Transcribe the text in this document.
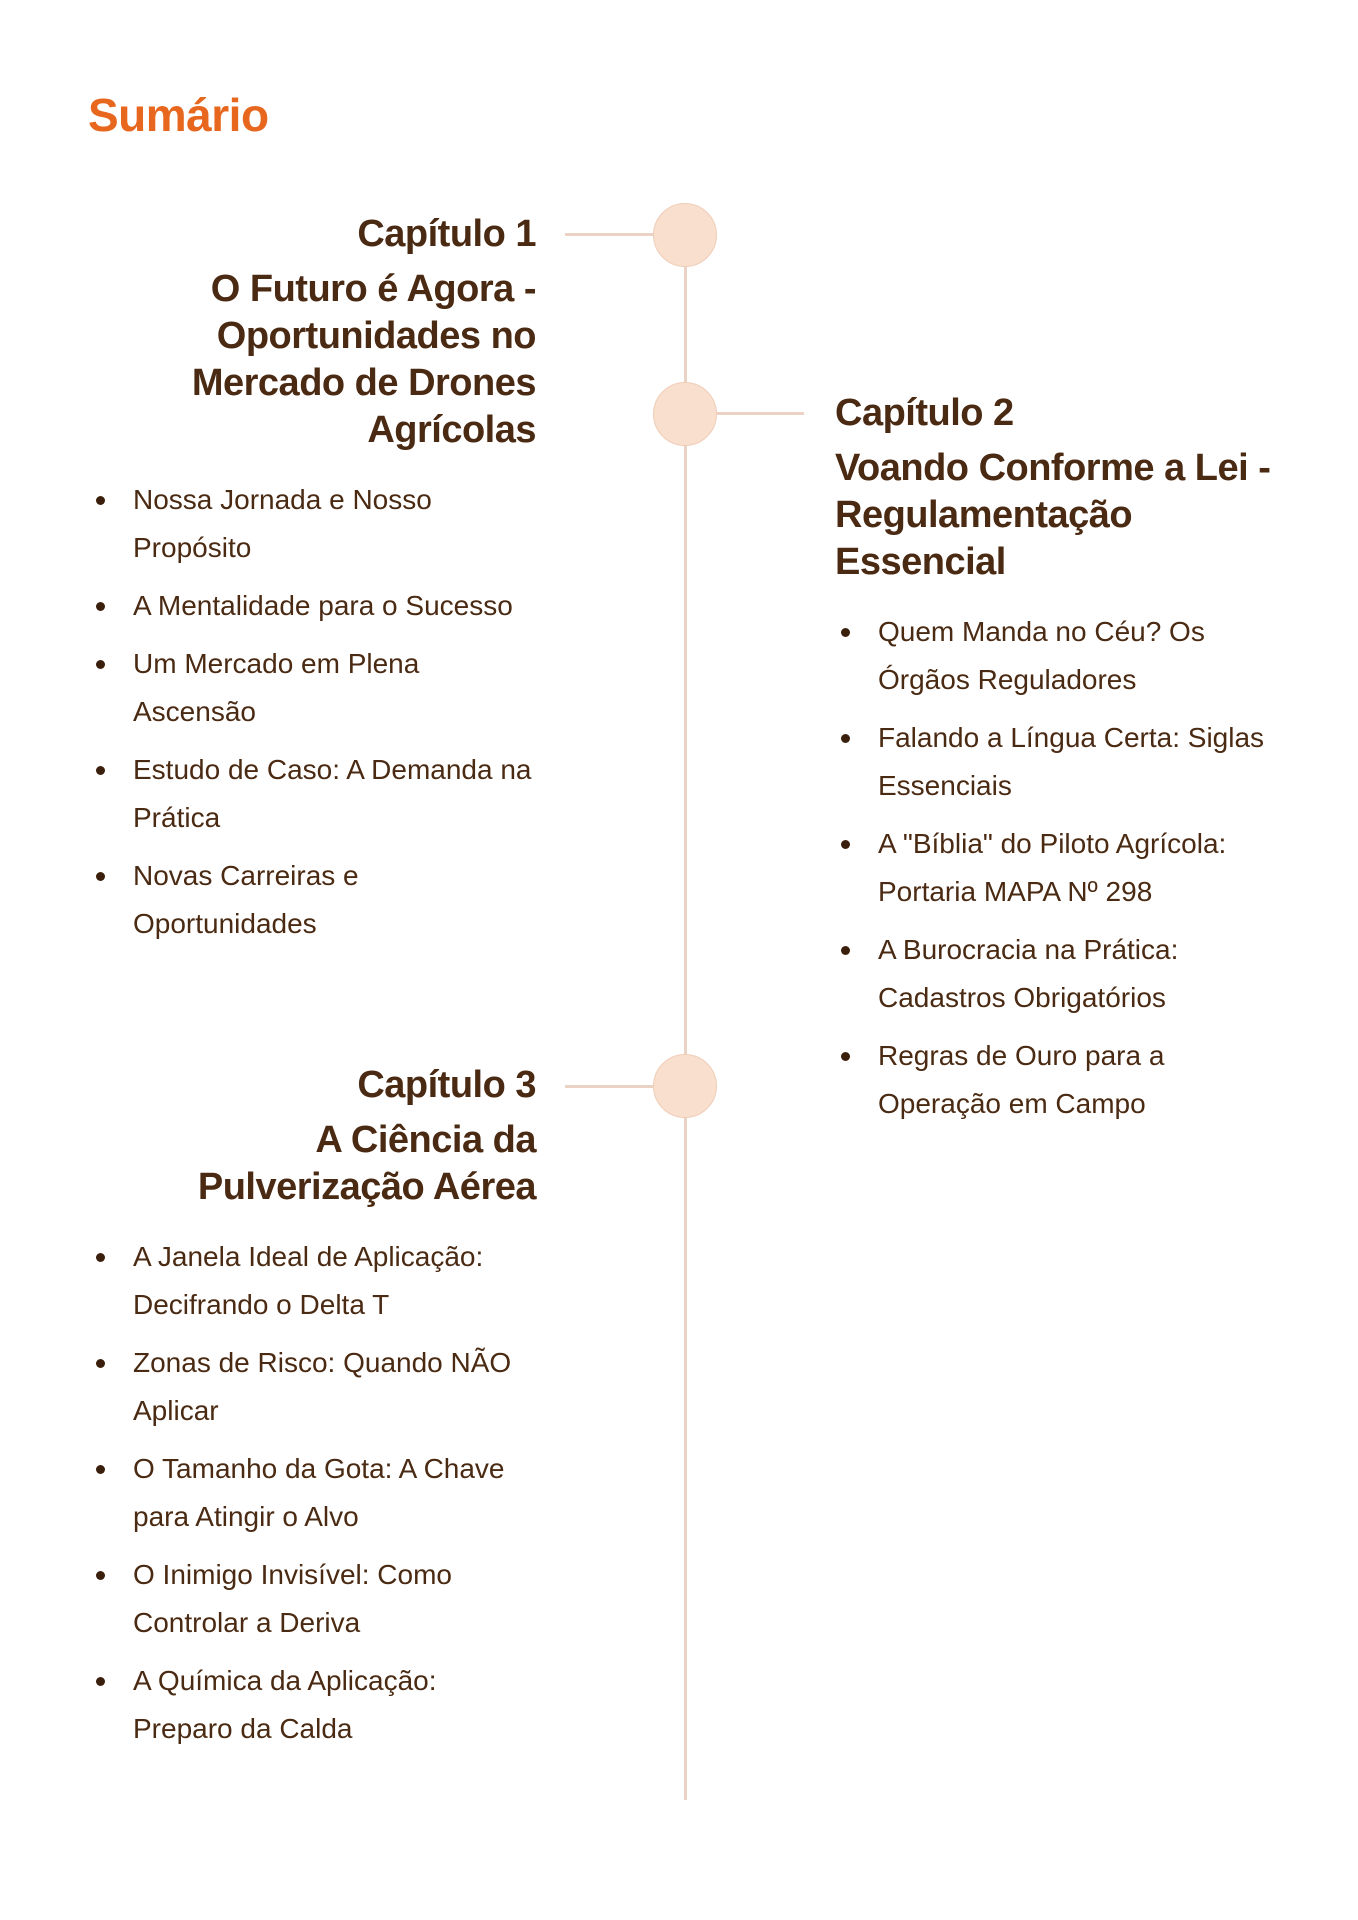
Sumário
Capítulo 1
O Futuro é Agora - Oportunidades no Mercado de Drones Agrícolas
Nossa Jornada e Nosso Propósito
A Mentalidade para o Sucesso
Um Mercado em Plena Ascensão
Estudo de Caso: A Demanda na Prática
Novas Carreiras e Oportunidades
Capítulo 2
Voando Conforme a Lei - Regulamentação Essencial
Quem Manda no Céu? Os Órgãos Reguladores
Falando a Língua Certa: Siglas Essenciais
A "Bíblia" do Piloto Agrícola: Portaria MAPA Nº 298
A Burocracia na Prática: Cadastros Obrigatórios
Regras de Ouro para a Operação em Campo
Capítulo 3
A Ciência da Pulverização Aérea
A Janela Ideal de Aplicação: Decifrando o Delta T
Zonas de Risco: Quando NÃO Aplicar
O Tamanho da Gota: A Chave para Atingir o Alvo
O Inimigo Invisível: Como Controlar a Deriva
A Química da Aplicação: Preparo da Calda
